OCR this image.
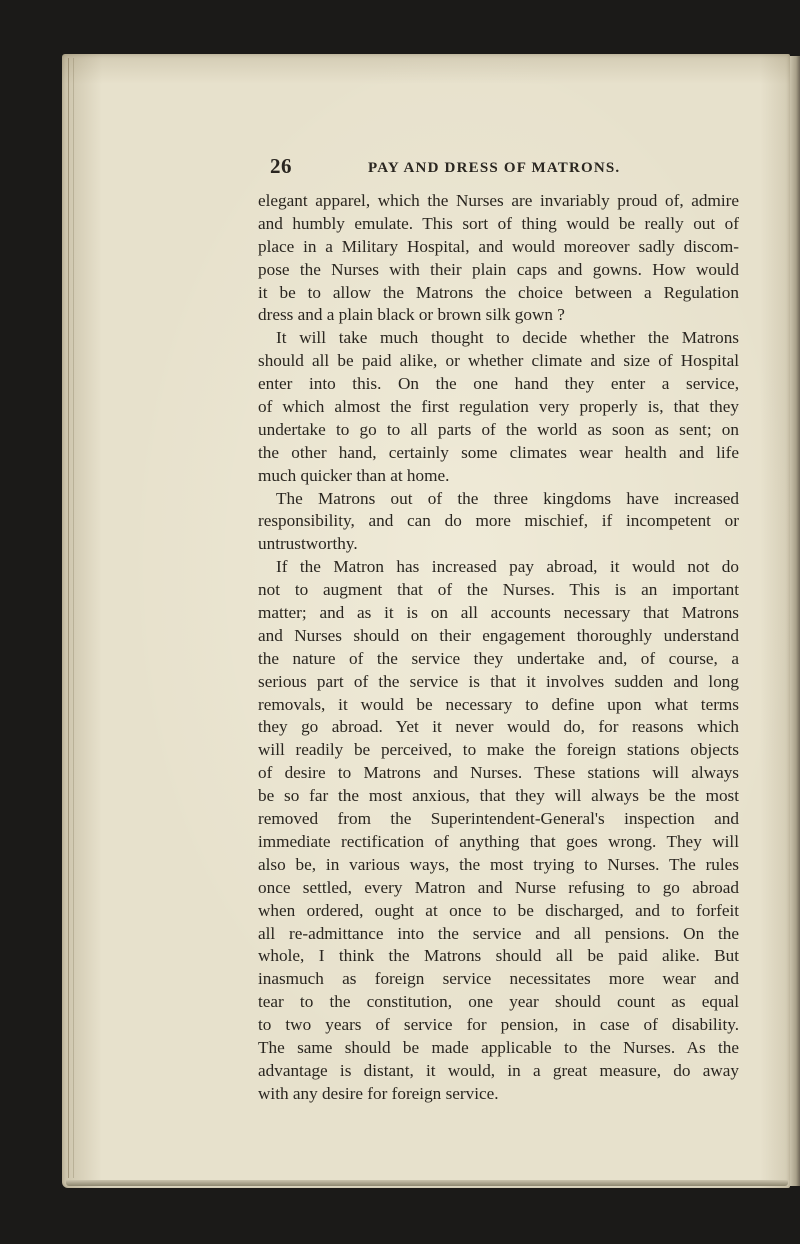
26	PAY AND DRESS OF MATRONS.
elegant apparel, which the Nurses are invariably proud of, admire
and humbly emulate. This sort of thing would be really out of
place in a Military Hospital, and would moreover sadly discom-
pose the Nurses with their plain caps and gowns. How would
it be to allow the Matrons the choice between a Regulation
dress and a plain black or brown silk gown ?
It will take much thought to decide whether the Matrons
should all be paid alike, or whether climate and size of Hospital
enter into this. On the one hand they enter a service,
of which almost the first regulation very properly is, that they
undertake to go to all parts of the world as soon as sent; on
the other hand, certainly some climates wear health and life
much quicker than at home.
The Matrons out of the three kingdoms have increased
responsibility, and can do more mischief, if incompetent or
untrustworthy.
If the Matron has increased pay abroad, it would not do
not to augment that of the Nurses. This is an important
matter; and as it is on all accounts necessary that Matrons
and Nurses should on their engagement thoroughly understand
the nature of the service they undertake and, of course, a
serious part of the service is that it involves sudden and long
removals, it would be necessary to define upon what terms
they go abroad. Yet it never would do, for reasons which
will readily be perceived, to make the foreign stations objects
of desire to Matrons and Nurses. These stations will always
be so far the most anxious, that they will always be the most
removed from the Superintendent-General's inspection and
immediate rectification of anything that goes wrong. They will
also be, in various ways, the most trying to Nurses. The rules
once settled, every Matron and Nurse refusing to go abroad
when ordered, ought at once to be discharged, and to forfeit
all re-admittance into the service and all pensions. On the
whole, I think the Matrons should all be paid alike. But
inasmuch as foreign service necessitates more wear and
tear to the constitution, one year should count as equal
to two years of service for pension, in case of disability.
The same should be made applicable to the Nurses. As the
advantage is distant, it would, in a great measure, do away
with any desire for foreign service.
